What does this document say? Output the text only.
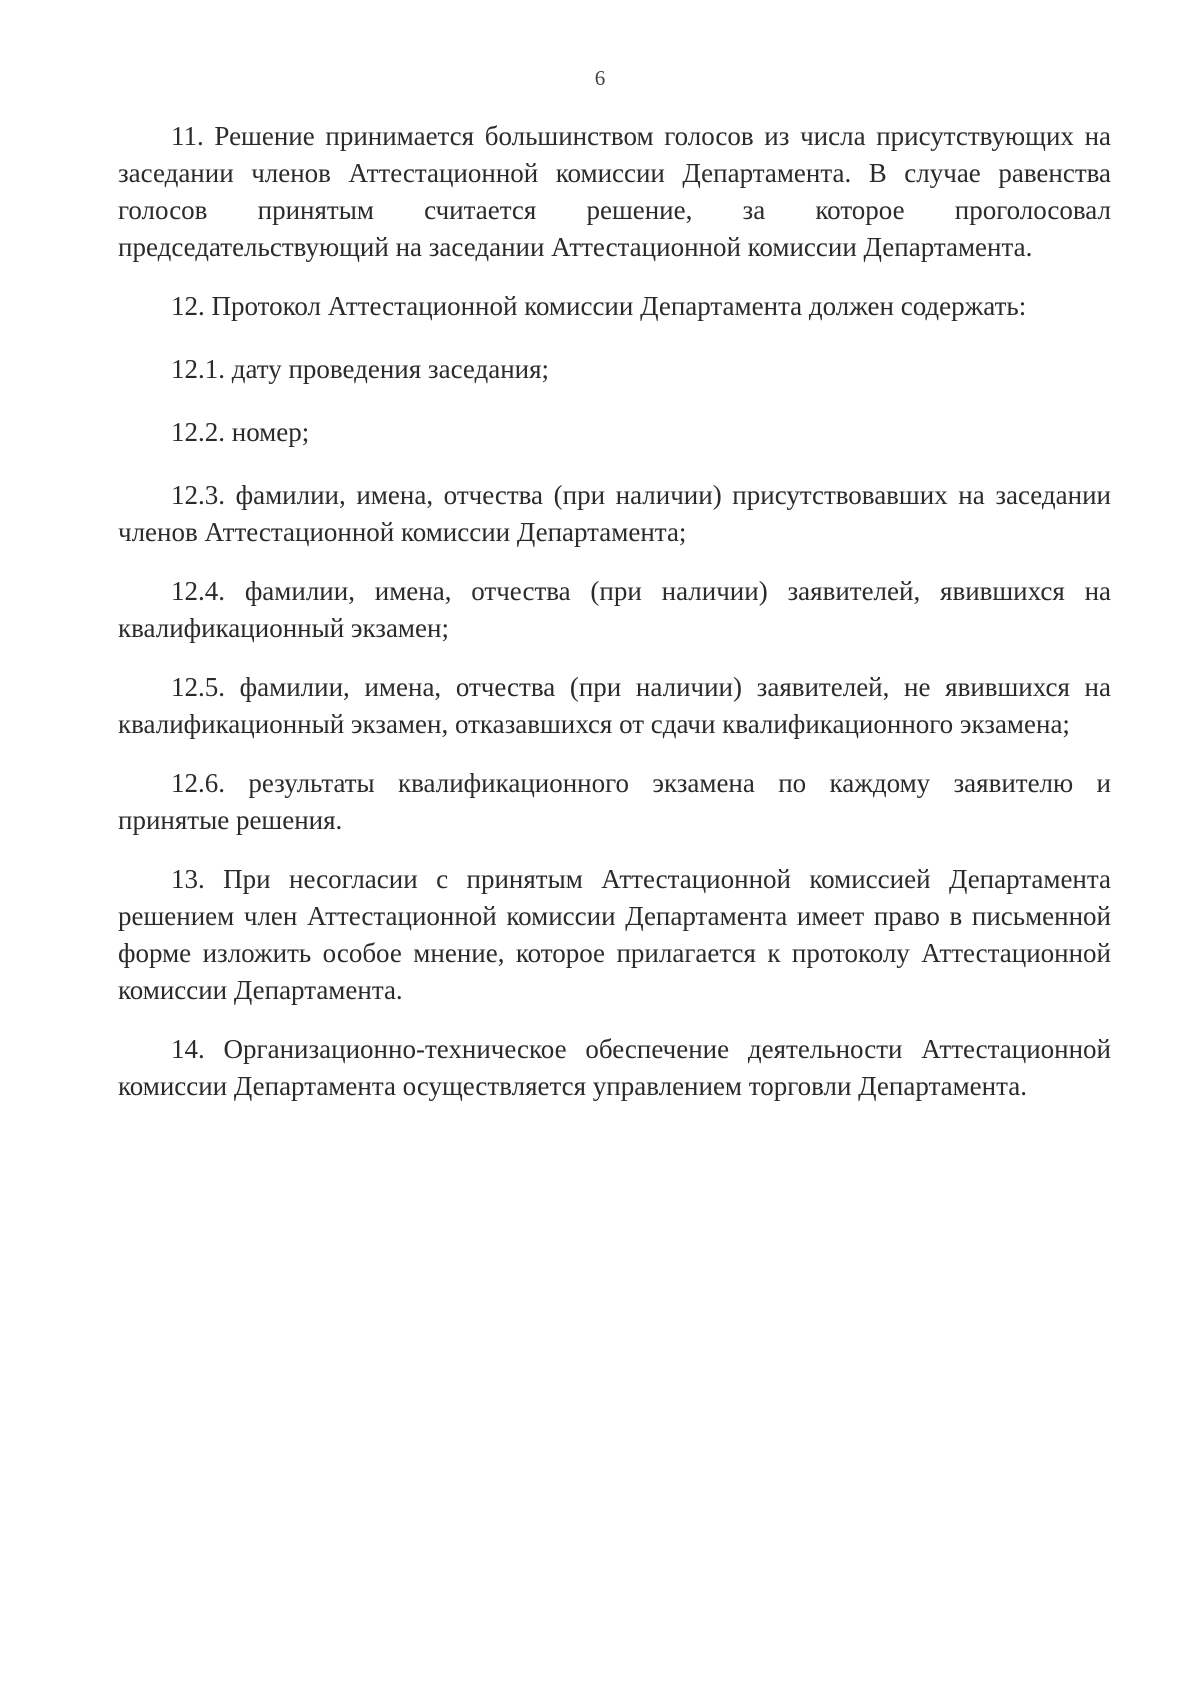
6

11. Решение принимается большинством голосов из числа присутствующих на заседании членов Аттестационной комиссии Департамента. В случае равенства голосов принятым считается решение, за которое проголосовал председательствующий на заседании Аттестационной комиссии Департамента.

12. Протокол Аттестационной комиссии Департамента должен содержать:

12.1. дату проведения заседания;

12.2. номер;

12.3. фамилии, имена, отчества (при наличии) присутствовавших на заседании членов Аттестационной комиссии Департамента;

12.4. фамилии, имена, отчества (при наличии) заявителей, явившихся на квалификационный экзамен;

12.5. фамилии, имена, отчества (при наличии) заявителей, не явившихся на квалификационный экзамен, отказавшихся от сдачи квалификационного экзамена;

12.6. результаты квалификационного экзамена по каждому заявителю и принятые решения.

13. При несогласии с принятым Аттестационной комиссией Департамента решением член Аттестационной комиссии Департамента имеет право в письменной форме изложить особое мнение, которое прилагается к протоколу Аттестационной комиссии Департамента.

14. Организационно-техническое обеспечение деятельности Аттестационной комиссии Департамента осуществляется управлением торговли Департамента.
